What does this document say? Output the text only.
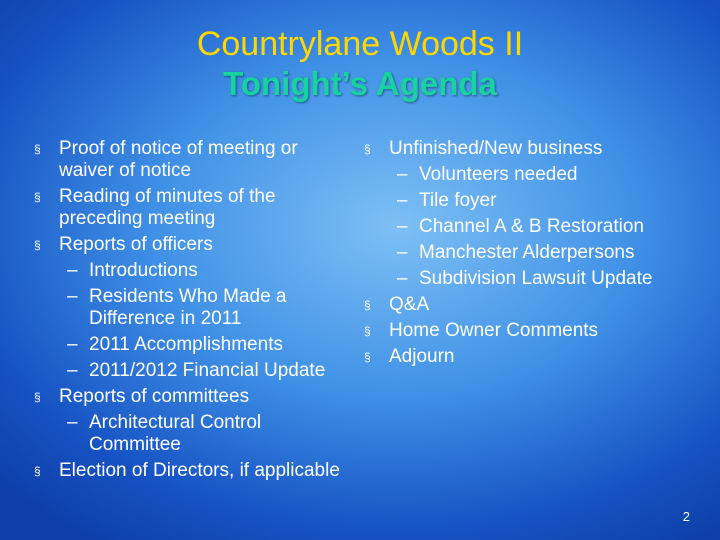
Countrylane Woods II
Tonight’s Agenda
§ Proof of notice of meeting or waiver of notice
§ Reading of minutes of the preceding meeting
§ Reports of officers
– Introductions
– Residents Who Made a Difference in 2011
– 2011 Accomplishments
– 2011/2012 Financial Update
§ Reports of committees
– Architectural Control Committee
§ Election of Directors, if applicable
§ Unfinished/New business
– Volunteers needed
– Tile foyer
– Channel A & B Restoration
– Manchester Alderpersons
– Subdivision Lawsuit Update
§ Q&A
§ Home Owner Comments
§ Adjourn
2
